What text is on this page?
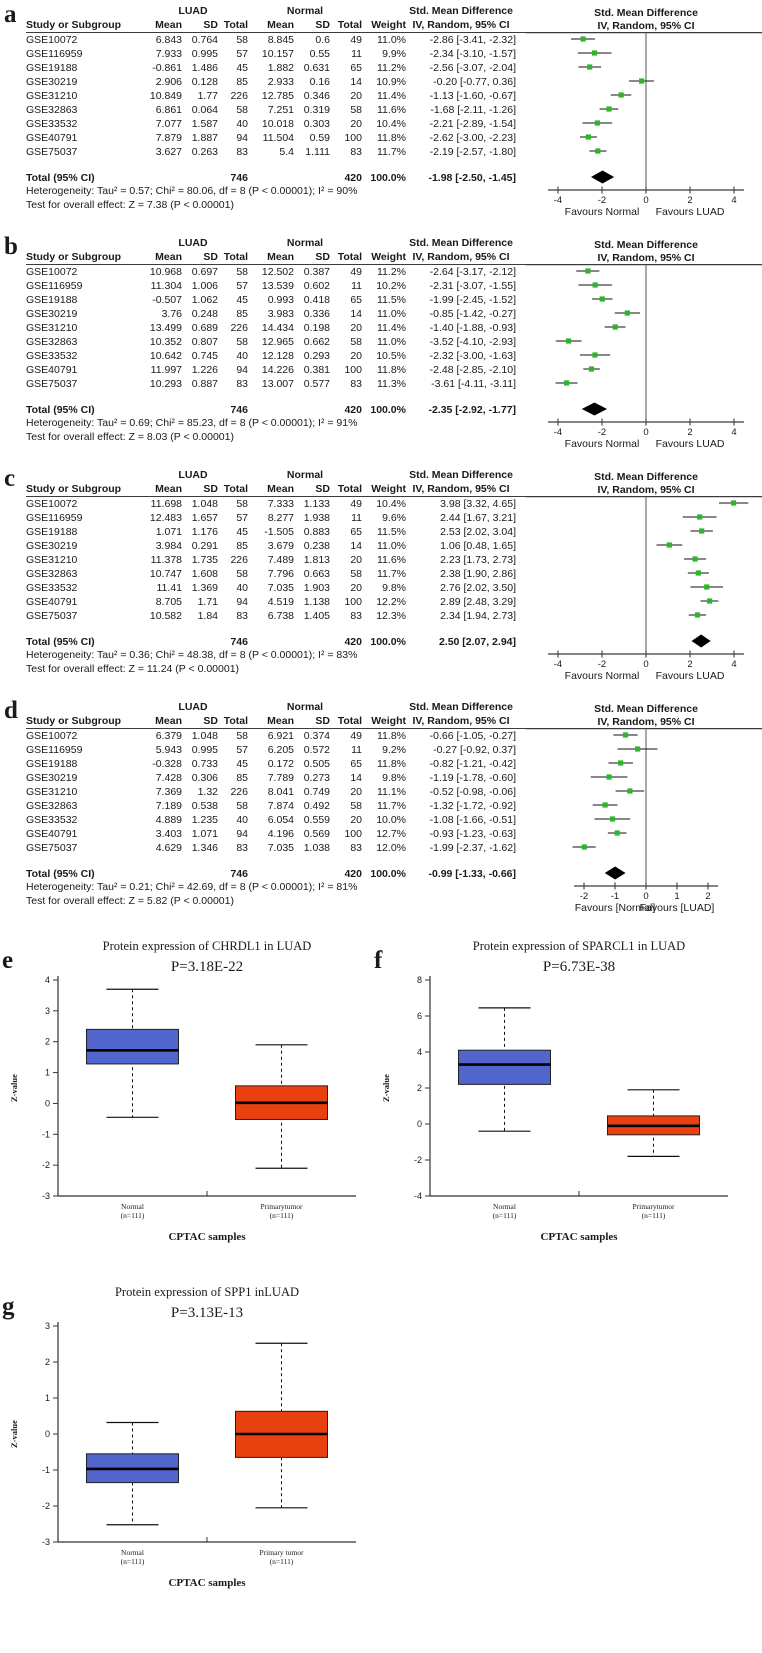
a	LUAD	Normal	Std. Mean Difference
Study or Subgroup	Mean	SD Total	Mean	SD Total Weight IV, Random, 95% CI
GSE10072	6.843 0.764	58	8.845	0.6	49	11.0%	-2.86 [-3.41, -2.32]
GSE116959	7.933 0.995	57	10.157	0.55	11	9.9%	-2.34 [-3.10, -1.57]
GSE19188	-0.861 1.486	45	1.882 0.631	65	11.2%	-2.56 [-3.07, -2.04]
GSE30219	2.906 0.128	85	2.933	0.16	14	10.9%	-0.20 [-0.77, 0.36]
GSE31210	10.849	1.77	226	12.785 0.346	20	11.4%	-1.13 [-1.60, -0.67]
GSE32863	6.861 0.064	58	7.251 0.319	58	11.6%	-1.68 [-2.11, -1.26]
GSE33532	7.077 1.587	40	10.018 0.303	20	10.4%	-2.21 [-2.89, -1.54]
GSE40791	7.879 1.887	94	11.504	0.59	100	11.8%	-2.62 [-3.00, -2.23]
GSE75037	3.627 0.263	83	5.4	1.111	83	11.7%	-2.19 [-2.57, -1.80]
Total (95% CI)	746	420 100.0%	-1.98 [-2.50, -1.45]
Heterogeneity: Tau² = 0.57; Chi² = 80.06, df = 8 (P < 0.00001); I² = 90%
Test for overall effect: Z = 7.38 (P < 0.00001)
Std. Mean Difference
IV, Random, 95% CI
-4	-2	0	2	4
Favours Normal Favours LUAD
b	LUAD	Normal	Std. Mean Difference
Study or Subgroup	Mean	SD Total	Mean	SD Total Weight IV, Random, 95% CI
GSE10072	10.968 0.697	58	12.502 0.387	49	11.2%	-2.64 [-3.17, -2.12]
GSE116959	11.304 1.006	57	13.539 0.602	11	10.2%	-2.31 [-3.07, -1.55]
GSE19188	-0.507 1.062	45	0.993 0.418	65	11.5%	-1.99 [-2.45, -1.52]
GSE30219	3.76 0.248	85	3.983 0.336	14	11.0%	-0.85 [-1.42, -0.27]
GSE31210	13.499 0.689	226	14.434 0.198	20	11.4%	-1.40 [-1.88, -0.93]
GSE32863	10.352 0.807	58	12.965 0.662	58	11.0%	-3.52 [-4.10, -2.93]
GSE33532	10.642 0.745	40	12.128 0.293	20	10.5%	-2.32 [-3.00, -1.63]
GSE40791	11.997 1.226	94	14.226 0.381	100	11.8%	-2.48 [-2.85, -2.10]
GSE75037	10.293 0.887	83	13.007 0.577	83	11.3%	-3.61 [-4.11, -3.11]
Total (95% CI)	746	420 100.0%	-2.35 [-2.92, -1.77]
Heterogeneity: Tau² = 0.69; Chi² = 85.23, df = 8 (P < 0.00001); I² = 91%
Test for overall effect: Z = 8.03 (P < 0.00001)
Std. Mean Difference
IV, Random, 95% CI
-4	-2	0	2	4
Favours Normal Favours LUAD
c	LUAD	Normal	Std. Mean Difference
Study or Subgroup	Mean	SD Total	Mean	SD Total Weight IV, Random, 95% CI
GSE10072	11.698 1.048	58	7.333 1.133	49	10.4%	3.98 [3.32, 4.65]
GSE116959	12.483 1.657	57	8.277 1.938	11	9.6%	2.44 [1.67, 3.21]
GSE19188	1.071 1.176	45	-1.505 0.883	65	11.5%	2.53 [2.02, 3.04]
GSE30219	3.984 0.291	85	3.679 0.238	14	11.0%	1.06 [0.48, 1.65]
GSE31210	11.378 1.735	226	7.489 1.813	20	11.6%	2.23 [1.73, 2.73]
GSE32863	10.747 1.608	58	7.796 0.663	58	11.7%	2.38 [1.90, 2.86]
GSE33532	11.41 1.369	40	7.035 1.903	20	9.8%	2.76 [2.02, 3.50]
GSE40791	8.705	1.71	94	4.519 1.138	100	12.2%	2.89 [2.48, 3.29]
GSE75037	10.582	1.84	83	6.738 1.405	83	12.3%	2.34 [1.94, 2.73]
Total (95% CI)	746	420 100.0%	2.50 [2.07, 2.94]
Heterogeneity: Tau² = 0.36; Chi² = 48.38, df = 8 (P < 0.00001); I² = 83%
Test for overall effect: Z = 11.24 (P < 0.00001)
Std. Mean Difference
IV, Random, 95% CI
-4	-2	0	2	4
Favours Normal Favours LUAD
d	LUAD	Normal	Std. Mean Difference
Study or Subgroup	Mean	SD Total	Mean	SD Total Weight IV, Random, 95% CI
GSE10072	6.379 1.048	58	6.921 0.374	49	11.8%	-0.66 [-1.05, -0.27]
GSE116959	5.943 0.995	57	6.205 0.572	11	9.2%	-0.27 [-0.92, 0.37]
GSE19188	-0.328 0.733	45	0.172 0.505	65	11.8%	-0.82 [-1.21, -0.42]
GSE30219	7.428 0.306	85	7.789 0.273	14	9.8%	-1.19 [-1.78, -0.60]
GSE31210	7.369	1.32	226	8.041 0.749	20	11.1%	-0.52 [-0.98, -0.06]
GSE32863	7.189 0.538	58	7.874 0.492	58	11.7%	-1.32 [-1.72, -0.92]
GSE33532	4.889 1.235	40	6.054 0.559	20	10.0%	-1.08 [-1.66, -0.51]
GSE40791	3.403 1.071	94	4.196 0.569	100	12.7%	-0.93 [-1.23, -0.63]
GSE75037	4.629 1.346	83	7.035 1.038	83	12.0%	-1.99 [-2.37, -1.62]
Total (95% CI)	746	420 100.0%	-0.99 [-1.33, -0.66]
Heterogeneity: Tau² = 0.21; Chi² = 42.69, df = 8 (P < 0.00001); I² = 81%
Test for overall effect: Z = 5.82 (P < 0.00001)
Std. Mean Difference
IV, Random, 95% CI
-2 -1	0	1	2
Favours [Normal]
Favours [LUAD]
e
Protein expression of CHRDL1 in LUAD
P=3.18E-22
-3
-2
-1
0
1
2
3
4
Z-value
Normal
(n=111)
Primarytumor
(n=111)
CPTAC samples
f
Protein expression of SPARCL1 in LUAD
P=6.73E-38
-4
-2
0
2
4
6
8
Z-value
Normal
(n=111)
Primarytumor
(n=111)
CPTAC samples
g
Protein expression of SPP1 inLUAD
P=3.13E-13
-3
-2
-1
0
1
2
3
Z-value
Normal
(n=111)
Primary tumor
(n=111)
CPTAC samples
